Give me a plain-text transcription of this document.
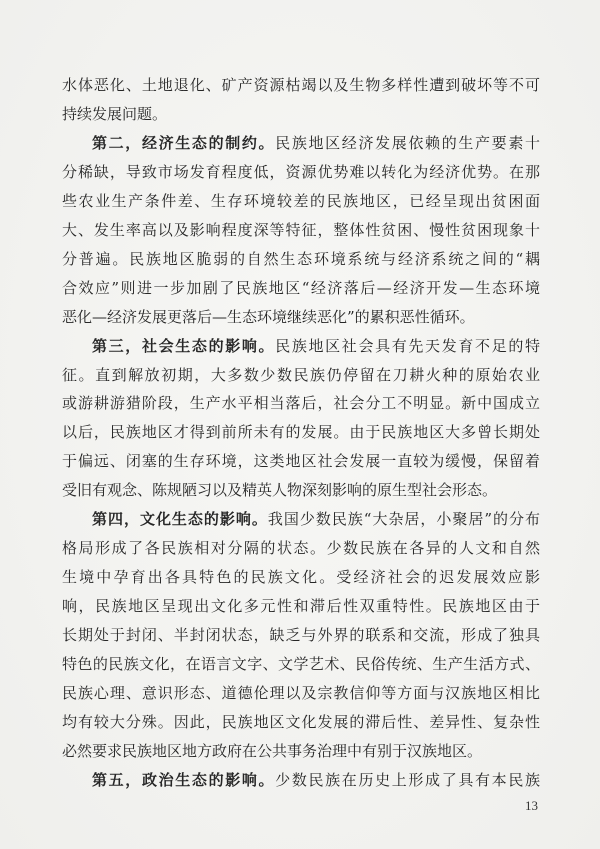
水体恶化、土地退化、矿产资源枯竭以及生物多样性遭到破坏等不可
持续发展问题。
第二，经济生态的制约。民族地区经济发展依赖的生产要素十
分稀缺，导致市场发育程度低，资源优势难以转化为经济优势。在那
些农业生产条件差、生存环境较差的民族地区，已经呈现出贫困面
大、发生率高以及影响程度深等特征，整体性贫困、慢性贫困现象十
分普遍。民族地区脆弱的自然生态环境系统与经济系统之间的“耦
合效应”则进一步加剧了民族地区“经济落后—经济开发—生态环境
恶化—经济发展更落后—生态环境继续恶化”的累积恶性循环。
第三，社会生态的影响。民族地区社会具有先天发育不足的特
征。直到解放初期，大多数少数民族仍停留在刀耕火种的原始农业
或游耕游猎阶段，生产水平相当落后，社会分工不明显。新中国成立
以后，民族地区才得到前所未有的发展。由于民族地区大多曾长期处
于偏远、闭塞的生存环境，这类地区社会发展一直较为缓慢，保留着
受旧有观念、陈规陋习以及精英人物深刻影响的原生型社会形态。
第四，文化生态的影响。我国少数民族“大杂居，小聚居”的分布
格局形成了各民族相对分隔的状态。少数民族在各异的人文和自然
生境中孕育出各具特色的民族文化。受经济社会的迟发展效应影
响，民族地区呈现出文化多元性和滞后性双重特性。民族地区由于
长期处于封闭、半封闭状态，缺乏与外界的联系和交流，形成了独具
特色的民族文化，在语言文字、文学艺术、民俗传统、生产生活方式、
民族心理、意识形态、道德伦理以及宗教信仰等方面与汉族地区相比
均有较大分殊。因此，民族地区文化发展的滞后性、差异性、复杂性
必然要求民族地区地方政府在公共事务治理中有别于汉族地区。
第五，政治生态的影响。少数民族在历史上形成了具有本民族
13
